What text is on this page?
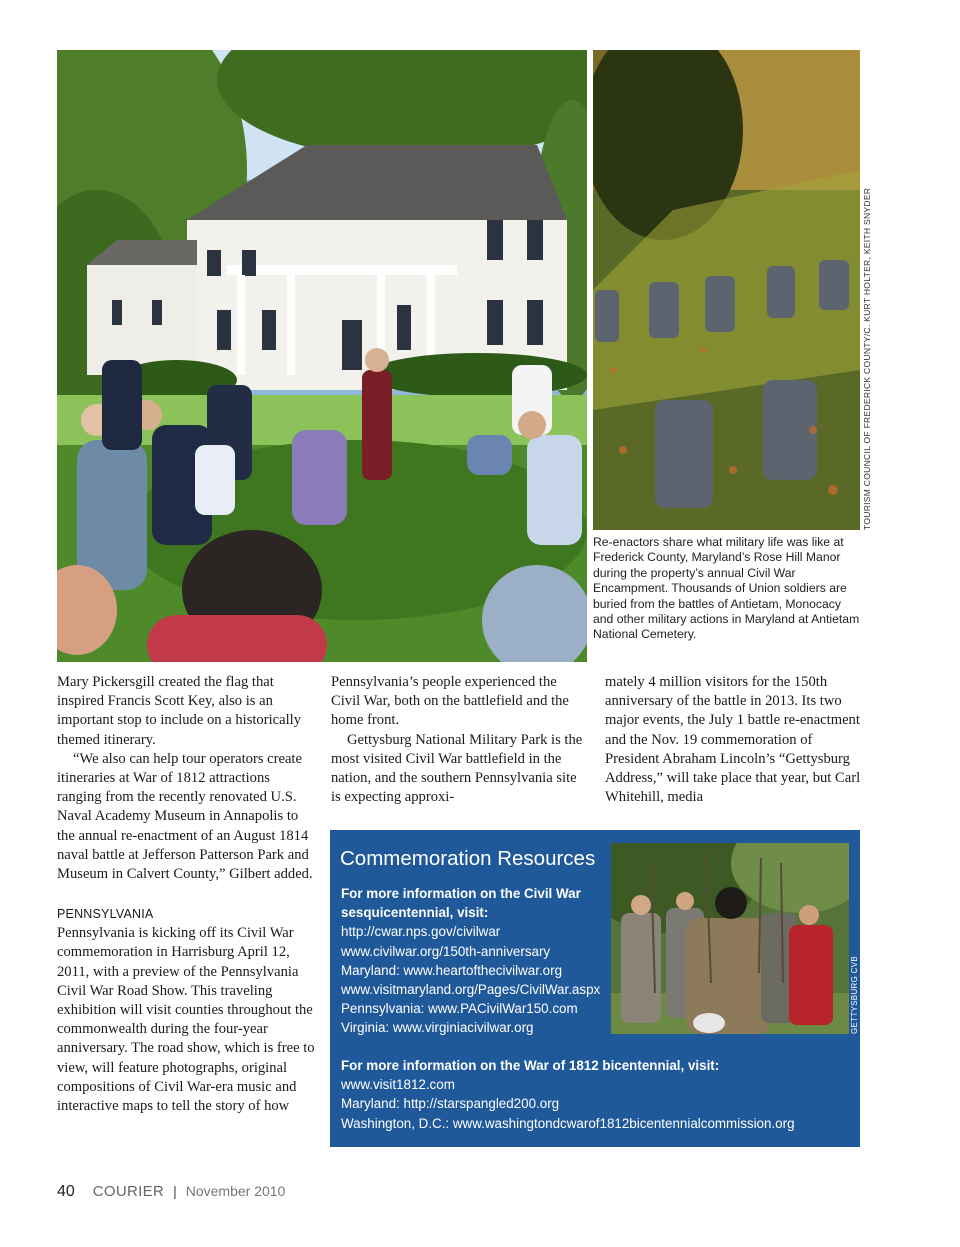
TOURISM COUNCIL OF FREDERICK COUNTY/C. KURT HOLTER, KEITH SNYDER
Re-enactors share what military life was like at Frederick County, Maryland’s Rose Hill Manor during the property’s annual Civil War Encampment. Thousands of Union soldiers are buried from the battles of Antietam, Monocacy and other military actions in Maryland at Antietam National Cemetery.

Mary Pickersgill created the flag that inspired Francis Scott Key, also is an important stop to include on a historically themed itinerary.

“We also can help tour operators create itineraries at War of 1812 attractions ranging from the recently renovated U.S. Naval Academy Museum in Annapolis to the annual re-enactment of an August 1814 naval battle at Jefferson Patterson Park and Museum in Calvert County,” Gilbert added.

PENNSYLVANIA

Pennsylvania is kicking off its Civil War commemoration in Harrisburg April 12, 2011, with a preview of the Pennsylvania Civil War Road Show. This traveling exhibition will visit counties throughout the commonwealth during the four-year anniversary. The road show, which is free to view, will feature photographs, original compositions of Civil War-era music and interactive maps to tell the story of how

Pennsylvania’s people experienced the Civil War, both on the battlefield and the home front.

Gettysburg National Military Park is the most visited Civil War battlefield in the nation, and the southern Pennsylvania site is expecting approxi-

mately 4 million visitors for the 150th anniversary of the battle in 2013. Its two major events, the July 1 battle re-enactment and the Nov. 19 commemoration of President Abraham Lincoln’s “Gettysburg Address,” will take place that year, but Carl Whitehill, media

Commemoration Resources
For more information on the Civil War sesquicentennial, visit:
http://cwar.nps.gov/civilwar
www.civilwar.org/150th-anniversary
Maryland: www.heartofthecivilwar.org
www.visitmaryland.org/Pages/CivilWar.aspx
Pennsylvania: www.PACivilWar150.com
Virginia: www.virginiacivilwar.org
For more information on the War of 1812 bicentennial, visit:
www.visit1812.com
Maryland: http://starspangled200.org
Washington, D.C.: www.washingtondcwarof1812bicentennialcommission.org
GETTYSBURG CVB
40 COURIER | November 2010
